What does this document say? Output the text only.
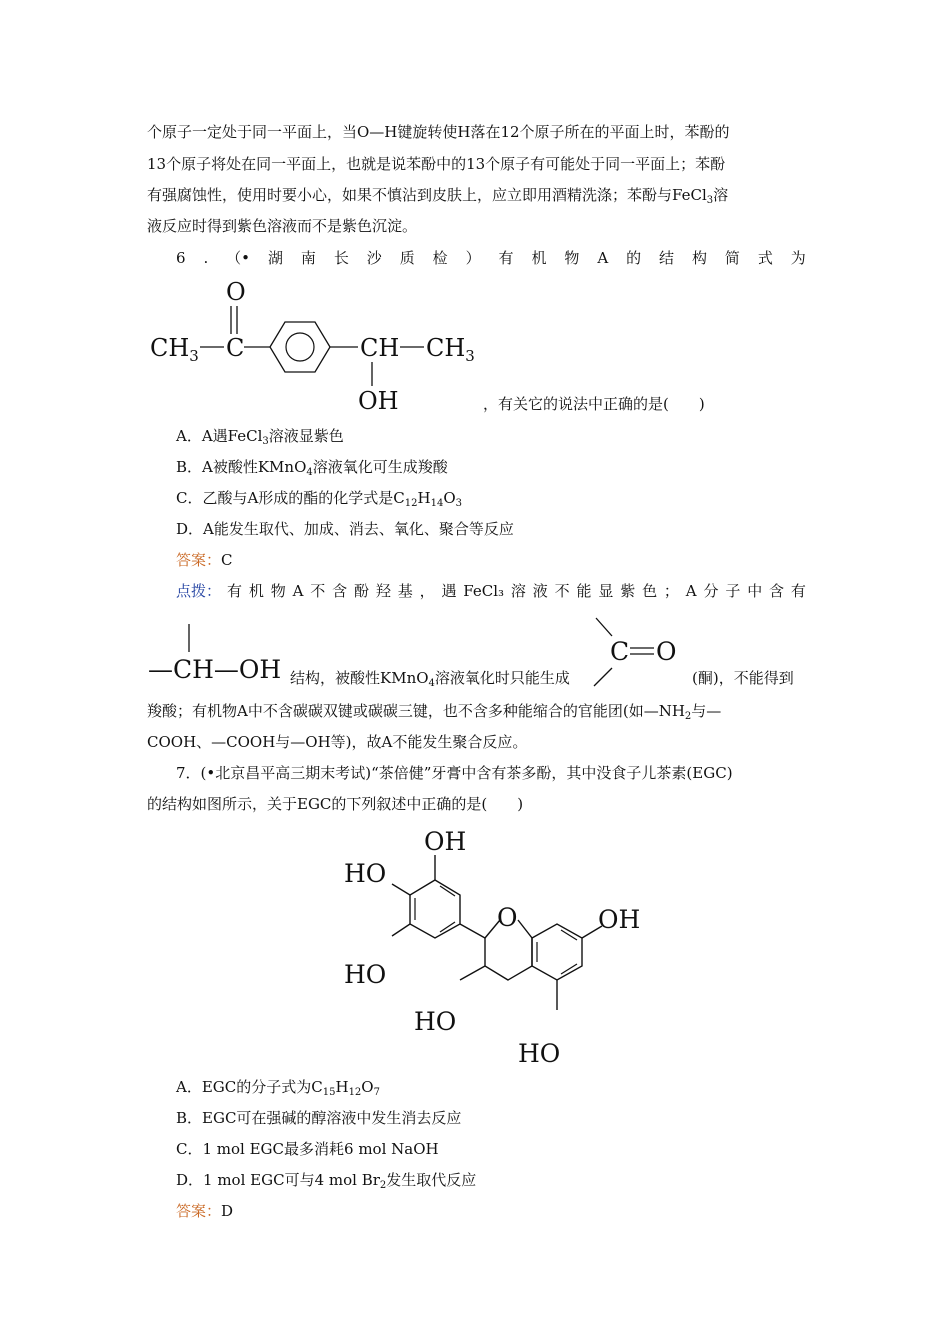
个原子一定处于同一平面上，当O—H键旋转使H落在12个原子所在的平面上时，苯酚的
13个原子将处在同一平面上，也就是说苯酚中的13个原子有可能处于同一平面上；苯酚
有强腐蚀性，使用时要小心，如果不慎沾到皮肤上，应立即用酒精洗涤；苯酚与FeCl$_3$溶
液反应时得到紫色溶液而不是紫色沉淀。
6 . （• 湖 南 长 沙 质 检 ） 有 机 物 A 的 结 构 简 式 为
O
$CH_3$ C	CH $CH_3$
OH	，有关它的说法中正确的是(　　)
A．A遇FeCl$_3$溶液显紫色
B．A被酸性KMnO$_4$溶液氧化可生成羧酸
C．乙酸与A形成的酯的化学式是$C_{12}H_{14}O_3$
D．A能发生取代、加成、消去、氧化、聚合等反应
答案：C
点拨： 有 机 物 A 不 含 酚 羟 基 ， 遇 FeCl₃ 溶 液 不 能 显 紫 色 ； A 分 子 中 含 有
—CH—OH 结构，被酸性KMnO$_4$溶液氧化时只能生成
C O
(酮)，不能得到
羧酸；有机物A中不含碳碳双键或碳碳三键，也不含多种能缩合的官能团(如$—NH_2$与—
COOH、—COOH与—OH等)，故A不能发生聚合反应。
7．(•北京昌平高三期末考试)“茶倍健”牙膏中含有茶多酚，其中没食子儿茶素(EGC)
的结构如图所示，关于EGC的下列叙述中正确的是(　　)
OH
HO
HO
O	OH
HO
HO
A．EGC的分子式为$C_{15}H_{12}O_7$
B．EGC可在强碱的醇溶液中发生消去反应
C．1 mol EGC最多消耗6 mol NaOH
D．1 mol EGC可与4 mol $Br_2$发生取代反应
答案：D
